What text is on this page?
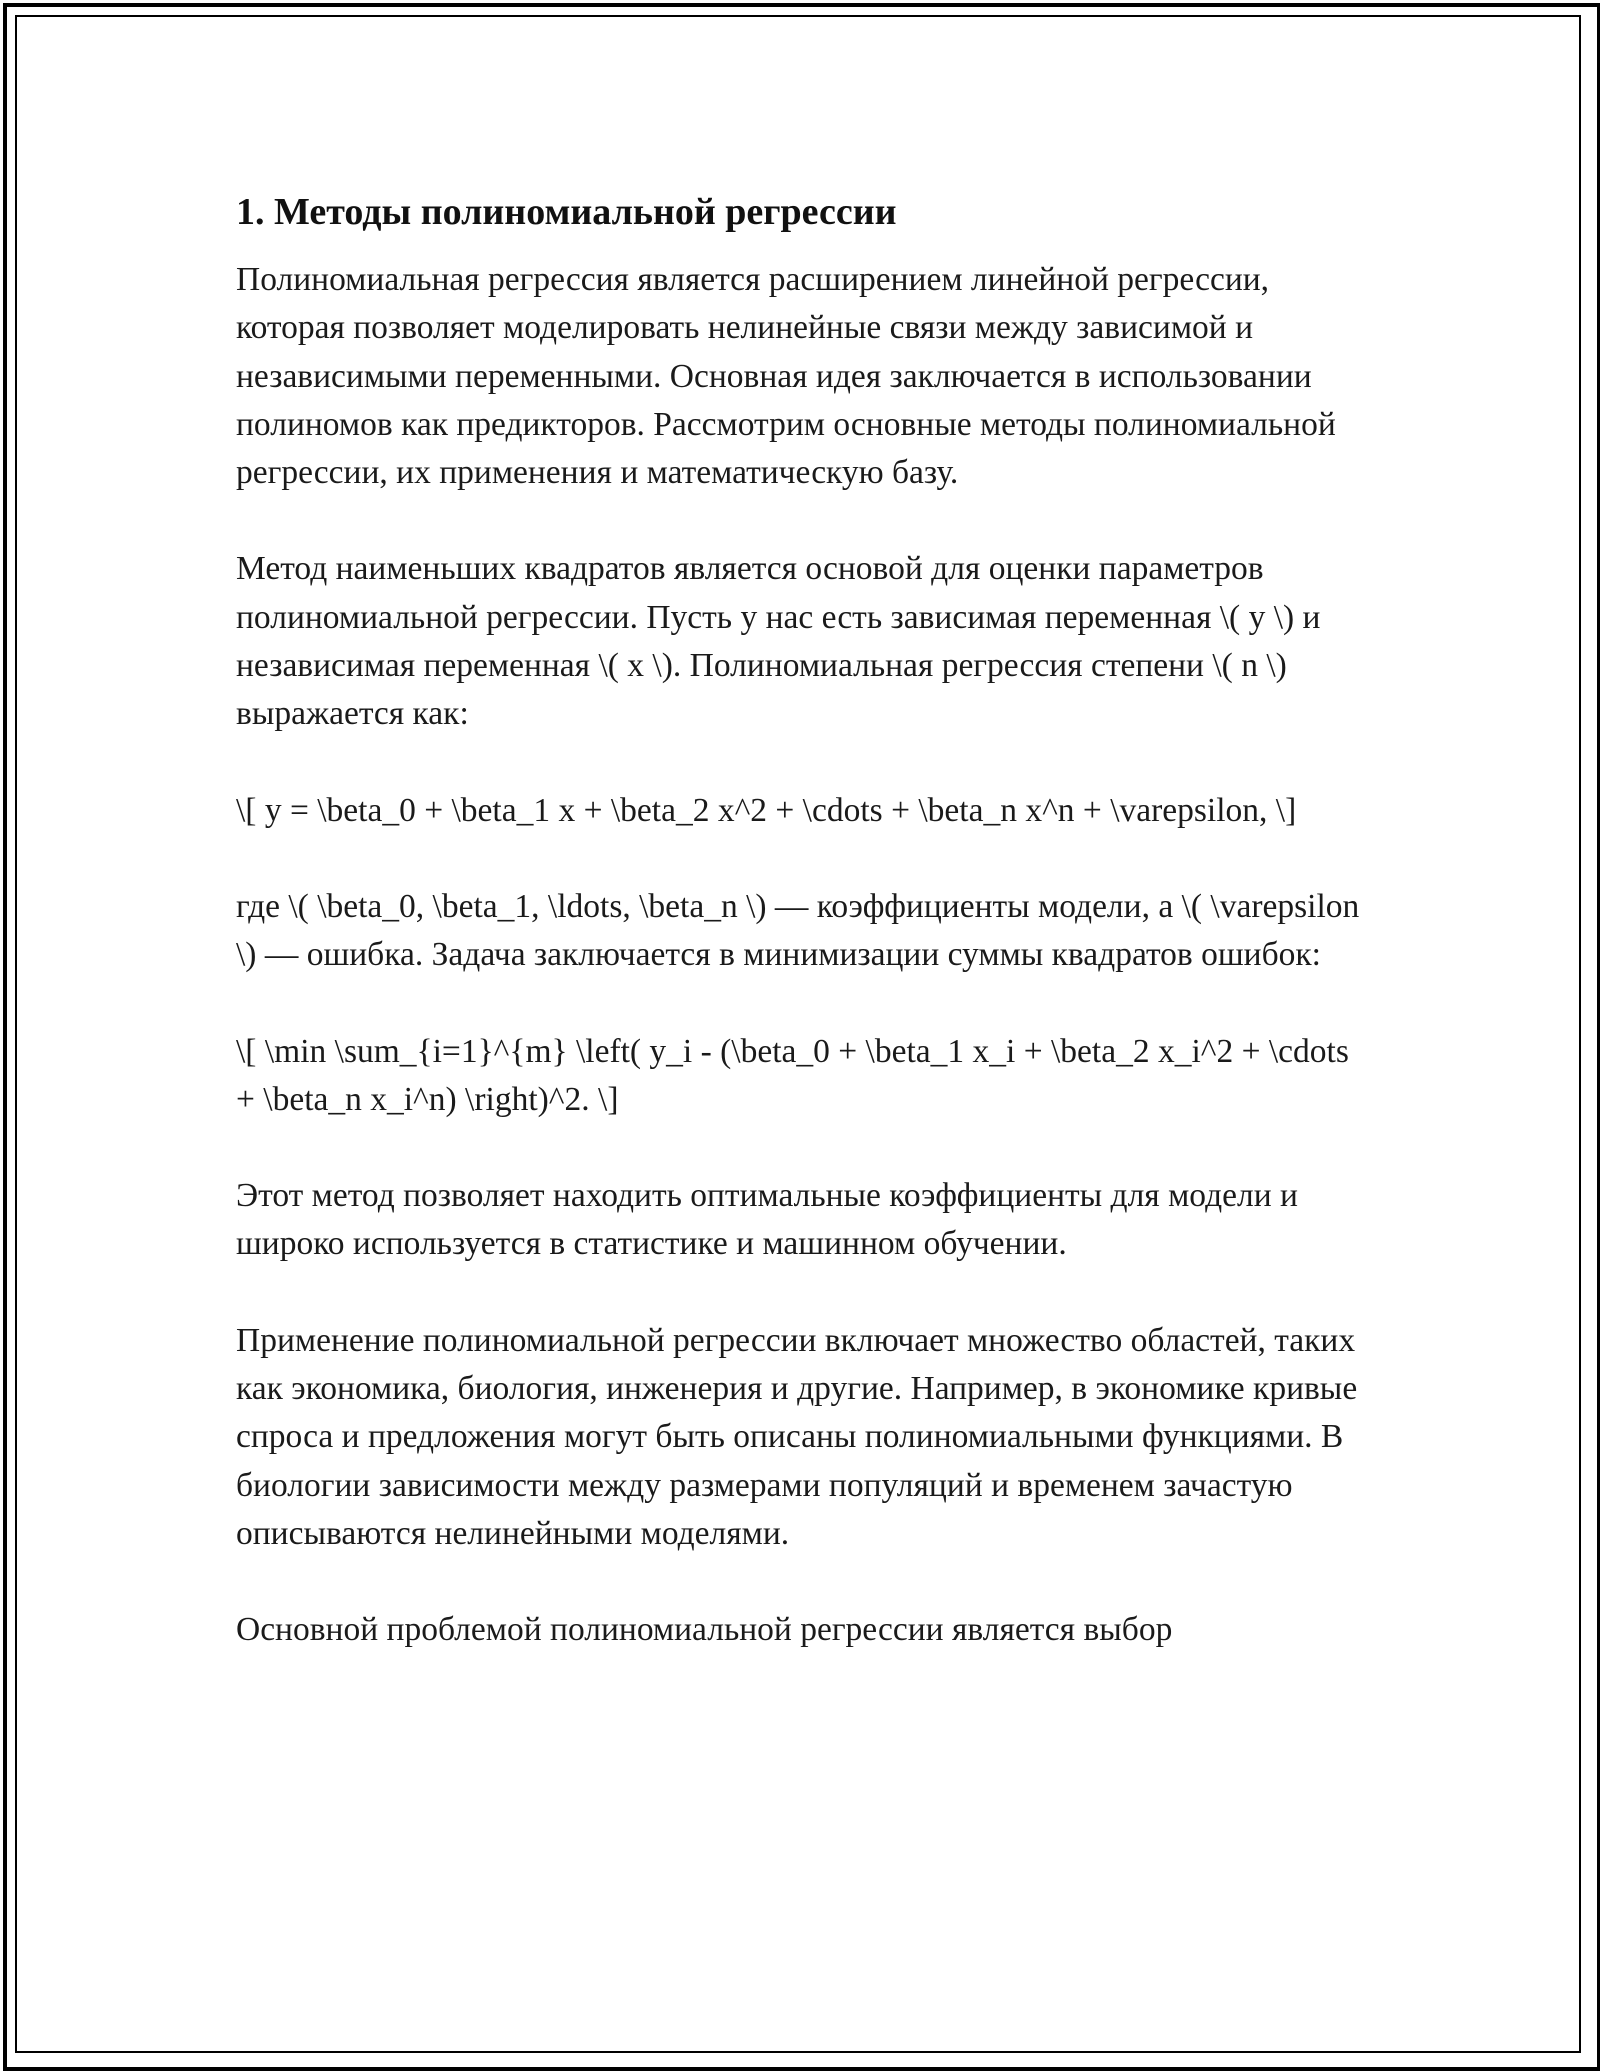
1. Методы полиномиальной регрессии
Полиномиальная регрессия является расширением линейной регрессии, которая позволяет моделировать нелинейные связи между зависимой и независимыми переменными. Основная идея заключается в использовании полиномов как предикторов. Рассмотрим основные методы полиномиальной регрессии, их применения и математическую базу.
Метод наименьших квадратов является основой для оценки параметров полиномиальной регрессии. Пусть у нас есть зависимая переменная \( y \) и независимая переменная \( x \). Полиномиальная регрессия степени \( n \) выражается как:
\[ y = \beta_0 + \beta_1 x + \beta_2 x^2 + \cdots + \beta_n x^n + \varepsilon, \]
где \( \beta_0, \beta_1, \ldots, \beta_n \) — коэффициенты модели, а \( \varepsilon \) — ошибка. Задача заключается в минимизации суммы квадратов ошибок:
\[ \min \sum_{i=1}^{m} \left( y_i - (\beta_0 + \beta_1 x_i + \beta_2 x_i^2 + \cdots + \beta_n x_i^n) \right)^2. \]
Этот метод позволяет находить оптимальные коэффициенты для модели и широко используется в статистике и машинном обучении.
Применение полиномиальной регрессии включает множество областей, таких как экономика, биология, инженерия и другие. Например, в экономике кривые спроса и предложения могут быть описаны полиномиальными функциями. В биологии зависимости между размерами популяций и временем зачастую описываются нелинейными моделями.
Основной проблемой полиномиальной регрессии является выбор
